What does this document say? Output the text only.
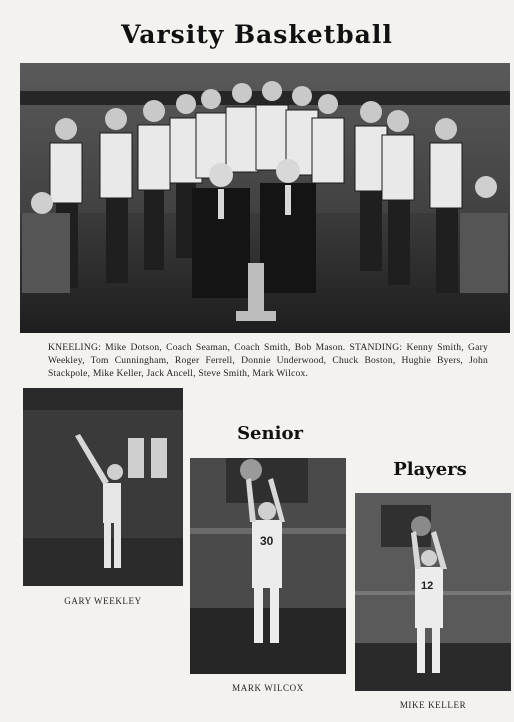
Varsity Basketball
KNEELING: Mike Dotson, Coach Seaman, Coach Smith, Bob Mason. STANDING: Kenny Smith, Gary Weekley, Tom Cunningham, Roger Ferrell, Donnie Underwood, Chuck Boston, Hughie Byers, John Stackpole, Mike Keller, Jack Ancell, Steve Smith, Mark Wilcox.
Senior
Players
GARY WEEKLEY
30
MARK WILCOX
12
MIKE KELLER
